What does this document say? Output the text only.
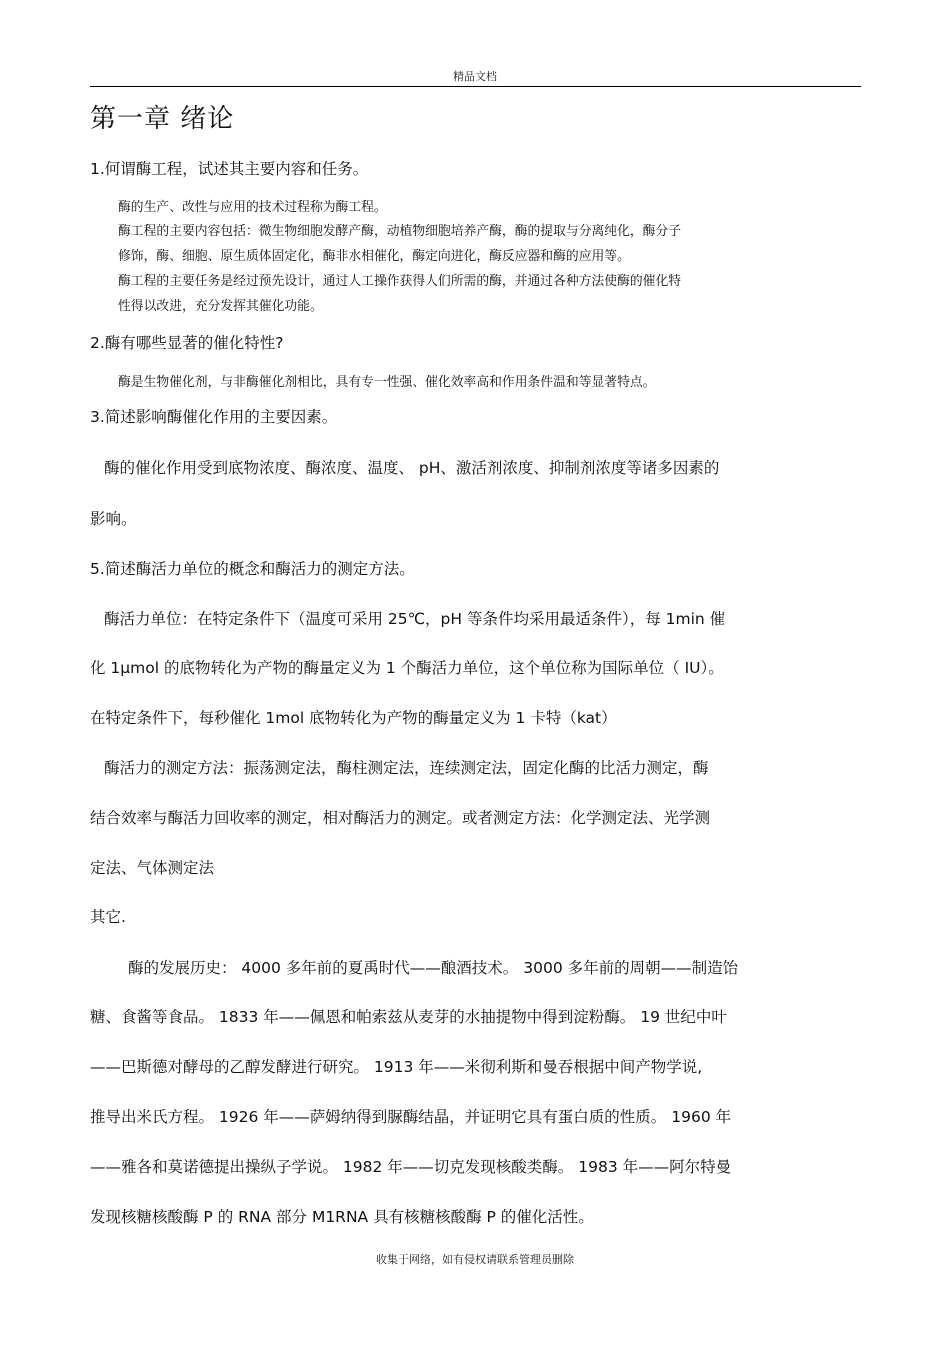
精品文档
第一章 绪论
1.何谓酶工程，试述其主要内容和任务。
酶的生产、改性与应用的技术过程称为酶工程。
酶工程的主要内容包括：微生物细胞发酵产酶，动植物细胞培养产酶，酶的提取与分离纯化，酶分子
修饰，酶、细胞、原生质体固定化，酶非水相催化，酶定向进化，酶反应器和酶的应用等。
酶工程的主要任务是经过预先设计，通过人工操作获得人们所需的酶，并通过各种方法使酶的催化特
性得以改进，充分发挥其催化功能。
2.酶有哪些显著的催化特性?
酶是生物催化剂，与非酶催化剂相比，具有专一性强、催化效率高和作用条件温和等显著特点。
3.简述影响酶催化作用的主要因素。
酶的催化作用受到底物浓度、酶浓度、温度、 pH、激活剂浓度、抑制剂浓度等诸多因素的
影响。
5.简述酶活力单位的概念和酶活力的测定方法。
酶活力单位：在特定条件下（温度可采用 25℃，pH 等条件均采用最适条件），每 1min 催
化 1μmol 的底物转化为产物的酶量定义为 1 个酶活力单位，这个单位称为国际单位（ IU）。
在特定条件下，每秒催化 1mol 底物转化为产物的酶量定义为 1 卡特（kat）
酶活力的测定方法：振荡测定法，酶柱测定法，连续测定法，固定化酶的比活力测定，酶
结合效率与酶活力回收率的测定，相对酶活力的测定。或者测定方法：化学测定法、光学测
定法、气体测定法
其它.
酶的发展历史： 4000 多年前的夏禹时代——酿酒技术。 3000 多年前的周朝——制造饴
糖、食酱等食品。 1833 年——佩恩和帕索兹从麦芽的水抽提物中得到淀粉酶。 19 世纪中叶
——巴斯德对酵母的乙醇发酵进行研究。 1913 年——米彻利斯和曼吞根据中间产物学说,
推导出米氏方程。 1926 年——萨姆纳得到脲酶结晶，并证明它具有蛋白质的性质。 1960 年
——雅各和莫诺德提出操纵子学说。 1982 年——切克发现核酸类酶。 1983 年——阿尔特曼
发现核糖核酸酶 P 的 RNA 部分 M1RNA 具有核糖核酸酶 P 的催化活性。
收集于网络，如有侵权请联系管理员删除
